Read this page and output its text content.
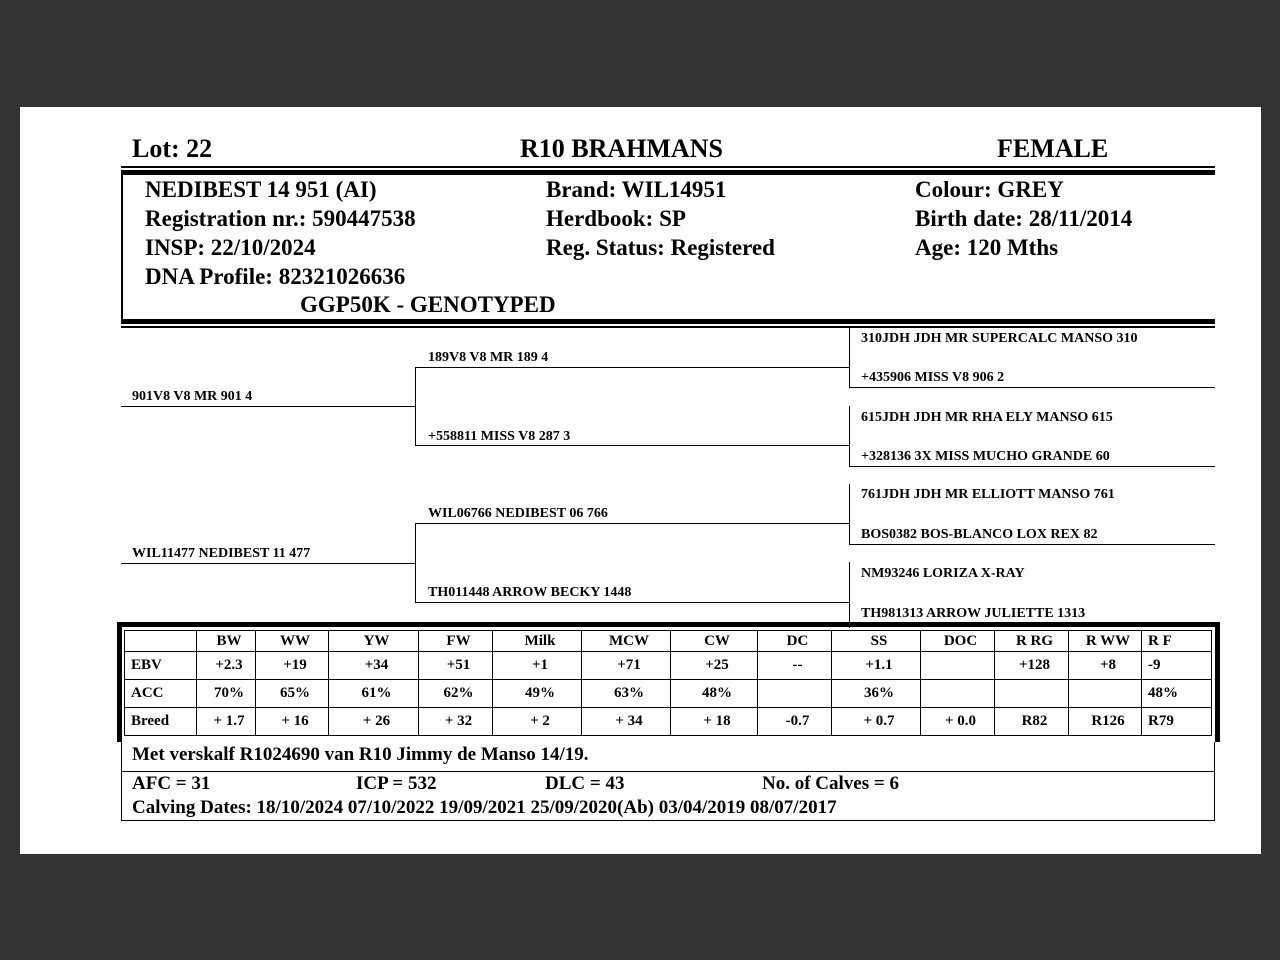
Lot: 22	R10 BRAHMANS	FEMALE
NEDIBEST 14 951 (AI)
Registration nr.: 590447538
INSP: 22/10/2024
DNA Profile: 82321026636
GGP50K - GENOTYPED
Brand: WIL14951
Herdbook: SP
Reg. Status: Registered
Colour: GREY
Birth date: 28/11/2014
Age: 120 Mths
901V8 V8 MR 901 4
WIL11477 NEDIBEST 11 477
189V8 V8 MR 189 4
+558811 MISS V8 287 3
WIL06766 NEDIBEST 06 766
TH011448 ARROW BECKY 1448
310JDH JDH MR SUPERCALC MANSO 310
+435906 MISS V8 906 2
615JDH JDH MR RHA ELY MANSO 615
+328136 3X MISS MUCHO GRANDE 60
761JDH JDH MR ELLIOTT MANSO 761
BOS0382 BOS-BLANCO LOX REX 82
NM93246 LORIZA X-RAY
TH981313 ARROW JULIETTE 1313
	BW	WW	YW	FW	Milk	MCW	CW	DC	SS	DOC	R RG	R WW	R F
EBV	+2.3	+19	+34	+51	+1	+71	+25	--	+1.1		+128	+8	-9
ACC	70%	65%	61%	62%	49%	63%	48%		36%				48%
Breed	+ 1.7	+ 16	+ 26	+ 32	+ 2	+ 34	+ 18	-0.7	+ 0.7	+ 0.0	R82	R126	R79
Met verskalf R1024690 van R10 Jimmy de Manso 14/19.
AFC = 31	ICP = 532	DLC = 43	No. of Calves = 6
Calving Dates: 18/10/2024 07/10/2022 19/09/2021 25/09/2020(Ab) 03/04/2019 08/07/2017
